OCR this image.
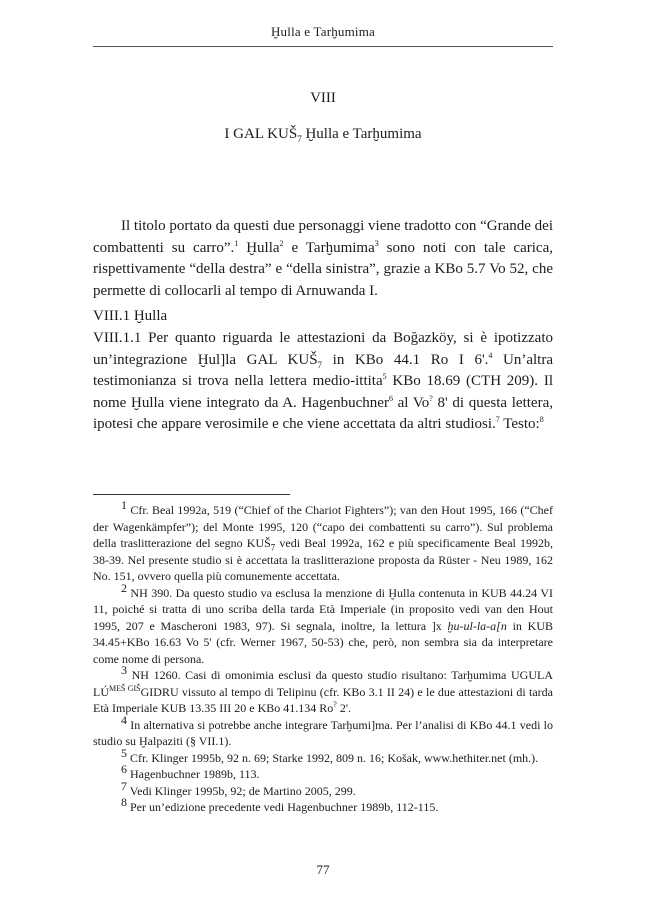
Ḫulla e Tarḫumima
VIII
I GAL $KUŠ_7$ Ḫulla e Tarḫumima
Il titolo portato da questi due personaggi viene tradotto con “Grande dei combattenti su carro”.$^1$ Ḫulla$^2$ e Tarḫumima$^3$ sono noti con tale carica, rispettivamente “della destra” e “della sinistra”, grazie a KBo 5.7 Vo 52, che permette di collocarli al tempo di Arnuwanda I.
VIII.1 Ḫulla
VIII.1.1 Per quanto riguarda le attestazioni da Boğazköy, si è ipotizzato un’integrazione Ḫul]la GAL $KUŠ_7$ in KBo 44.1 Ro I 6'.$^4$ Un’altra testimonianza si trova nella lettera medio-ittita$^5$ KBo 18.69 (CTH 209). Il nome Ḫulla viene integrato da A. Hagenbuchner$^6$ al Vo? 8' di questa lettera, ipotesi che appare verosimile e che viene accettata da altri studiosi.$^7$ Testo:$^8$

$^1$ Cfr. Beal 1992a, 519 (“Chief of the Chariot Fighters”); van den Hout 1995, 166 (“Chef der Wagenkämpfer”); del Monte 1995, 120 (“capo dei combattenti su carro”). Sul problema della traslitterazione del segno $KUŠ_7$ vedi Beal 1992a, 162 e più specificamente Beal 1992b, 38-39. Nel presente studio si è accettata la traslitterazione proposta da Rüster - Neu 1989, 162 No. 151, ovvero quella più comunemente accettata.

$^2$ NH 390. Da questo studio va esclusa la menzione di Ḫulla contenuta in KUB 44.24 VI 11, poiché si tratta di uno scriba della tarda Età Imperiale (in proposito vedi van den Hout 1995, 207 e Mascheroni 1983, 97). Si segnala, inoltre, la lettura ]x ḫu-ul-la-a[n in KUB 34.45+KBo 16.63 Vo 5' (cfr. Werner 1967, 50-53) che, però, non sembra sia da interpretare come nome di persona.

$^3$ NH 1260. Casi di omonimia esclusi da questo studio risultano: Tarḫumima UGULA $LÚ^{MEŠ GIŠ}GIDRU$ vissuto al tempo di Telipinu (cfr. KBo 3.1 II 24) e le due attestazioni di tarda Età Imperiale KUB 13.35 III 20 e KBo 41.134 Ro? 2'.

$^4$ In alternativa si potrebbe anche integrare Tarḫumi]ma. Per l’analisi di KBo 44.1 vedi lo studio su Ḫalpaziti (§ VII.1).

$^5$ Cfr. Klinger 1995b, 92 n. 69; Starke 1992, 809 n. 16; Košak, www.hethiter.net (mh.).

$^6$ Hagenbuchner 1989b, 113.

$^7$ Vedi Klinger 1995b, 92; de Martino 2005, 299.

$^8$ Per un’edizione precedente vedi Hagenbuchner 1989b, 112-115.

77
